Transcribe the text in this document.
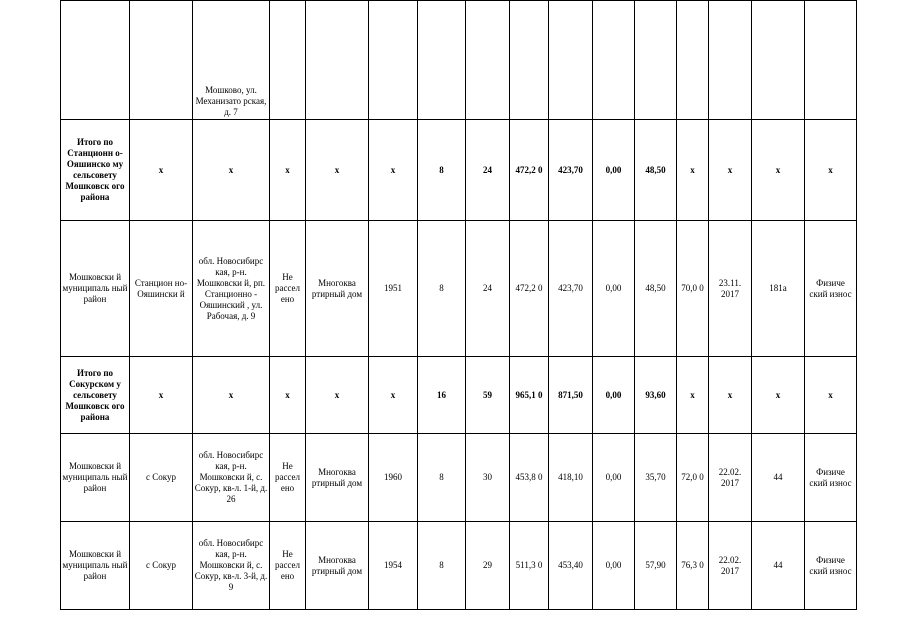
		Мошково, ул. Механизато рская, д. 7													
Итого по Станционн о-Ояшинско му сельсовету Мошковск ого района	x	x	x	x	x	8	24	472,2 0	423,70	0,00	48,50	x	x	x	x
Мошковски й муниципаль ный район	Станцион но-Ояшински й	обл. Новосибирс кая, р-н. Мошковски й, рп. Станционно - Ояшинский , ул. Рабочая, д. 9	Не рассел ено	Многоква ртирный дом	1951	8	24	472,2 0	423,70	0,00	48,50	70,0 0	23.11. 2017	181а	Физиче ский износ
Итого по Сокурском у сельсовету Мошковск ого района	x	x	x	x	x	16	59	965,1 0	871,50	0,00	93,60	x	x	x	x
Мошковски й муниципаль ный район	с Сокур	обл. Новосибирс кая, р-н. Мошковски й, с. Сокур, кв-л. 1-й, д. 26	Не рассел ено	Многоква ртирный дом	1960	8	30	453,8 0	418,10	0,00	35,70	72,0 0	22.02. 2017	44	Физиче ский износ
Мошковски й муниципаль ный район	с Сокур	обл. Новосибирс кая, р-н. Мошковски й, с. Сокур, кв-л. 3-й, д. 9	Не рассел ено	Многоква ртирный дом	1954	8	29	511,3 0	453,40	0,00	57,90	76,3 0	22.02. 2017	44	Физиче ский износ
